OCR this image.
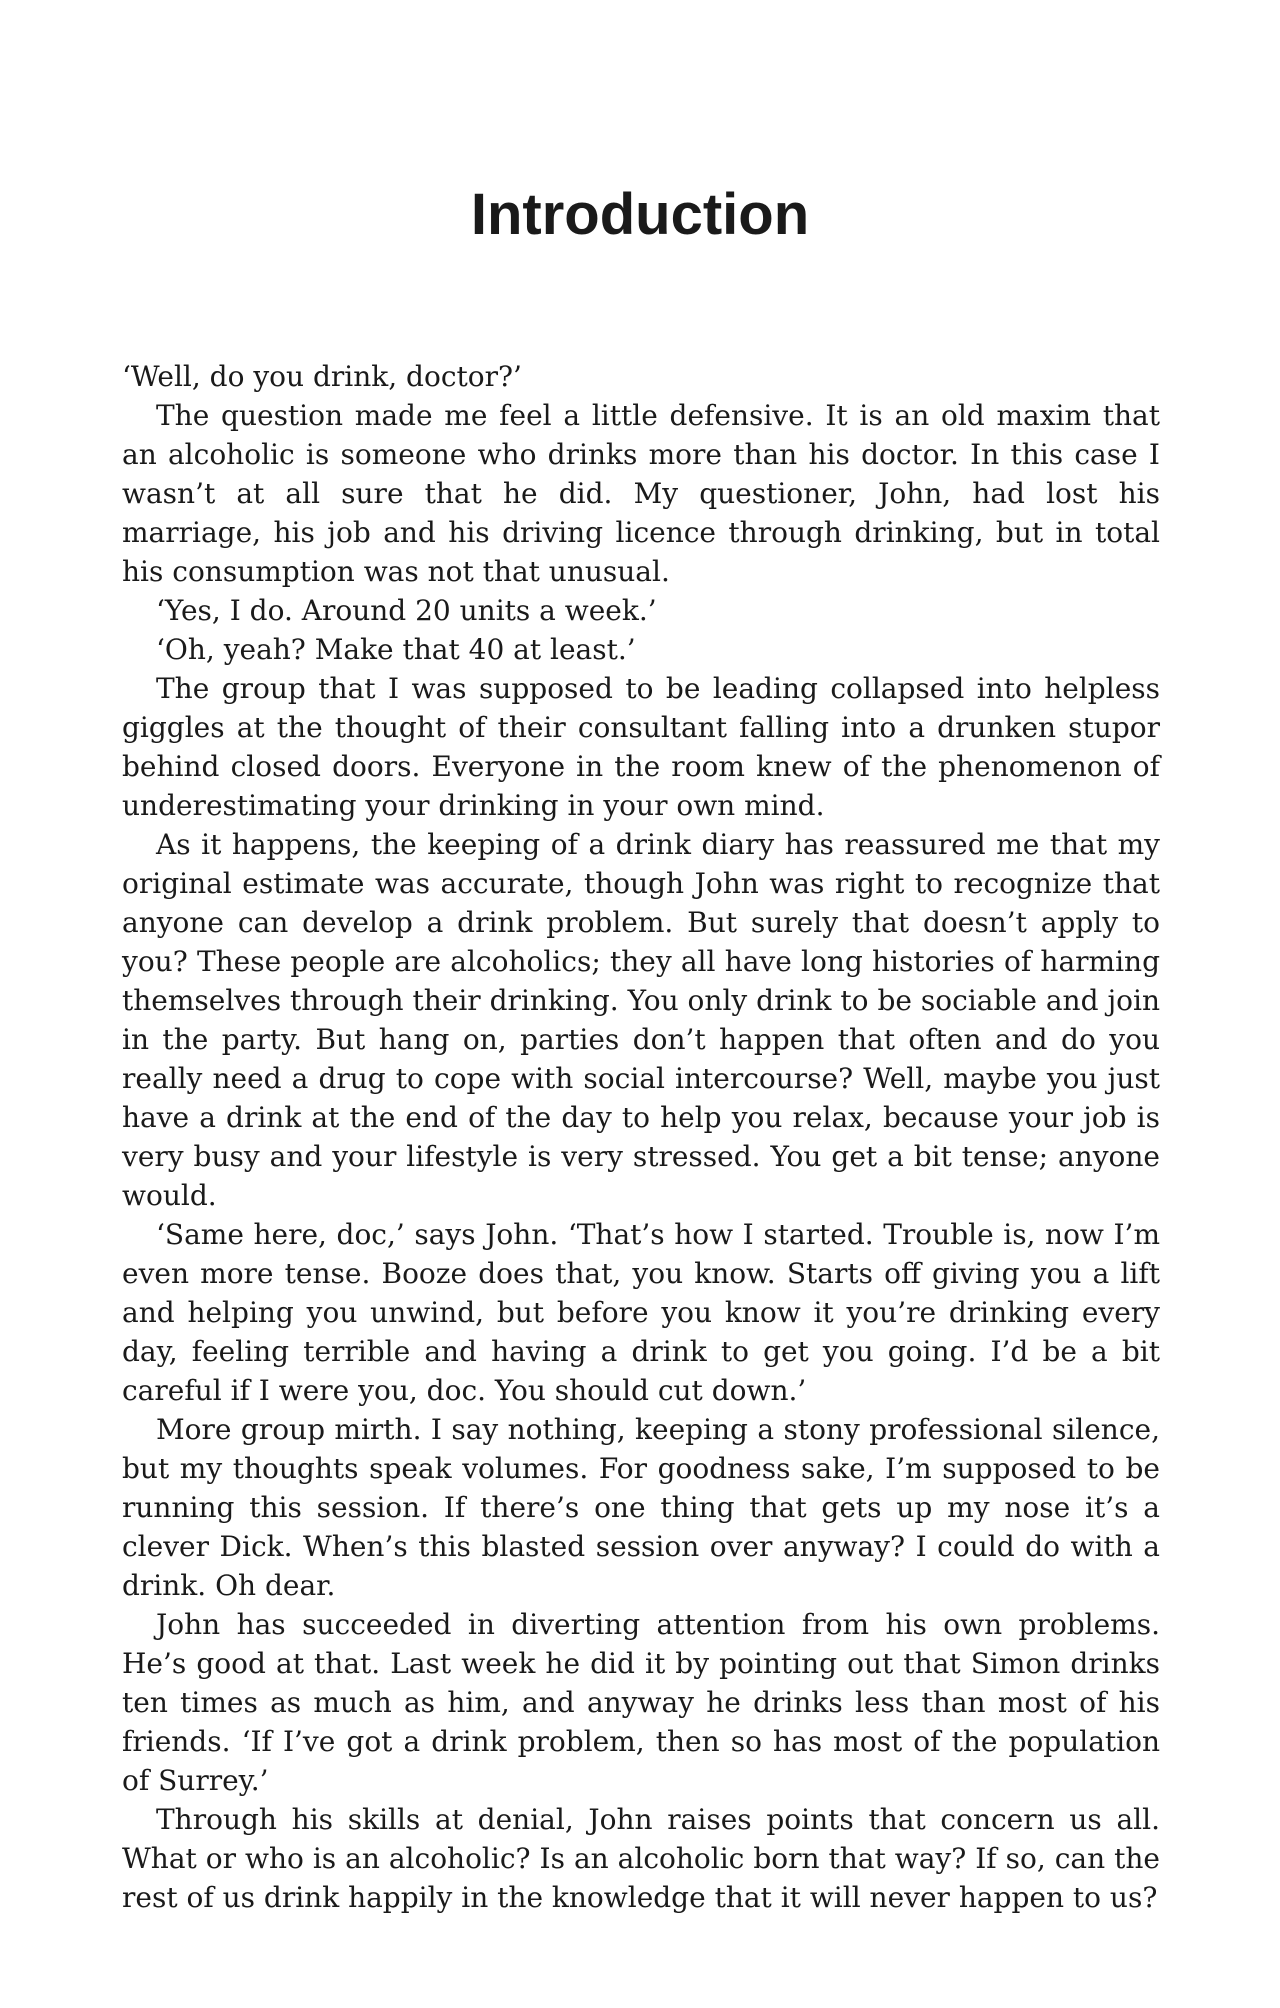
Introduction

‘Well, do you drink, doctor?’

The question made me feel a little defensive. It is an old maxim that an alcoholic is someone who drinks more than his doctor. In this case I wasn’t at all sure that he did. My questioner, John, had lost his marriage, his job and his driving licence through drinking, but in total his consumption was not that unusual.

‘Yes, I do. Around 20 units a week.’

‘Oh, yeah? Make that 40 at least.’

The group that I was supposed to be leading collapsed into helpless giggles at the thought of their consultant falling into a drunken stupor behind closed doors. Everyone in the room knew of the phenomenon of underestimating your drinking in your own mind.

As it happens, the keeping of a drink diary has reassured me that my original estimate was accurate, though John was right to recognize that anyone can develop a drink problem. But surely that doesn’t apply to you? These people are alcoholics; they all have long histories of harming themselves through their drinking. You only drink to be sociable and join in the party. But hang on, parties don’t happen that often and do you really need a drug to cope with social intercourse? Well, maybe you just have a drink at the end of the day to help you relax, because your job is very busy and your lifestyle is very stressed. You get a bit tense; anyone would.

‘Same here, doc,’ says John. ‘That’s how I started. Trouble is, now I’m even more tense. Booze does that, you know. Starts off giving you a lift and helping you unwind, but before you know it you’re drinking every day, feeling terrible and having a drink to get you going. I’d be a bit careful if I were you, doc. You should cut down.’

More group mirth. I say nothing, keeping a stony professional silence, but my thoughts speak volumes. For goodness sake, I’m supposed to be running this session. If there’s one thing that gets up my nose it’s a clever Dick. When’s this blasted session over anyway? I could do with a drink. Oh dear.

John has succeeded in diverting attention from his own problems. He’s good at that. Last week he did it by pointing out that Simon drinks ten times as much as him, and anyway he drinks less than most of his friends. ‘If I’ve got a drink problem, then so has most of the population of Surrey.’

Through his skills at denial, John raises points that concern us all. What or who is an alcoholic? Is an alcoholic born that way? If so, can the rest of us drink happily in the knowledge that it will never happen to us?
